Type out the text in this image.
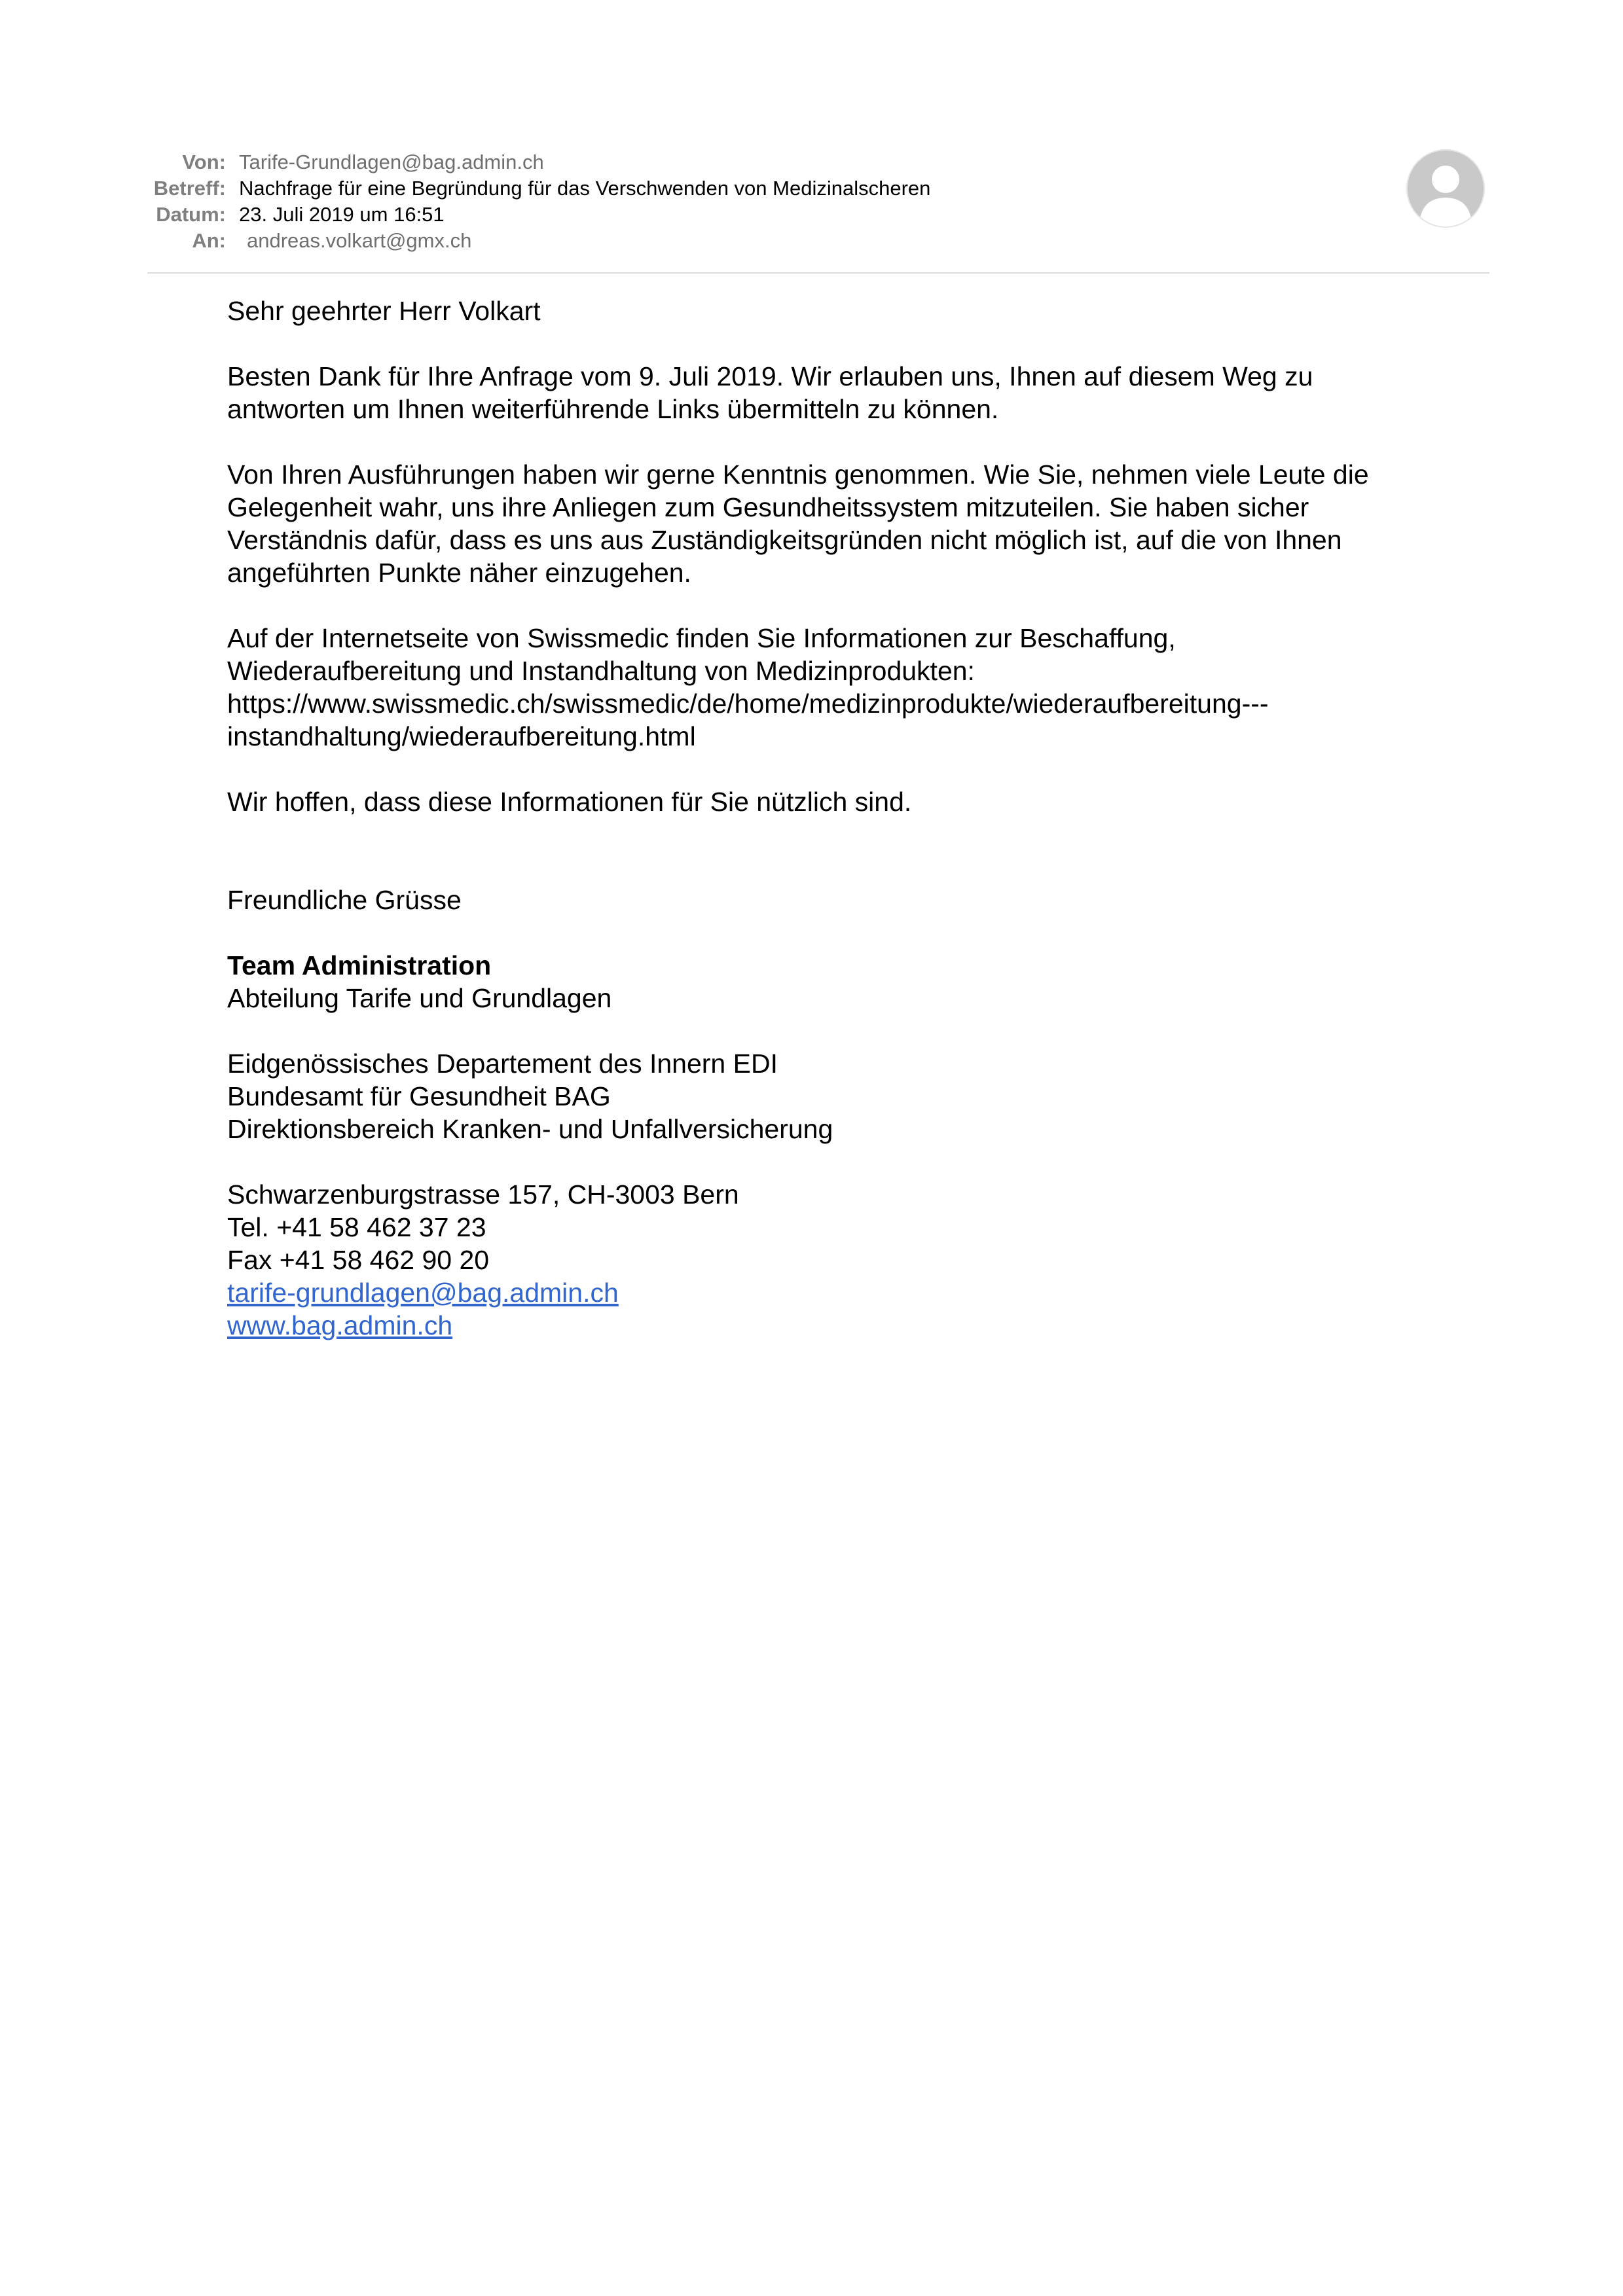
Von: Tarife-Grundlagen@bag.admin.ch
Betreff: Nachfrage für eine Begründung für das Verschwenden von Medizinalscheren
Datum: 23. Juli 2019 um 16:51
An: andreas.volkart@gmx.ch

Sehr geehrter Herr Volkart

Besten Dank für Ihre Anfrage vom 9. Juli 2019. Wir erlauben uns, Ihnen auf diesem Weg zu
antworten um Ihnen weiterführende Links übermitteln zu können.

Von Ihren Ausführungen haben wir gerne Kenntnis genommen. Wie Sie, nehmen viele Leute die
Gelegenheit wahr, uns ihre Anliegen zum Gesundheitssystem mitzuteilen. Sie haben sicher
Verständnis dafür, dass es uns aus Zuständigkeitsgründen nicht möglich ist, auf die von Ihnen
angeführten Punkte näher einzugehen.

Auf der Internetseite von Swissmedic finden Sie Informationen zur Beschaffung,
Wiederaufbereitung und Instandhaltung von Medizinprodukten:
https://www.swissmedic.ch/swissmedic/de/home/medizinprodukte/wiederaufbereitung---
instandhaltung/wiederaufbereitung.html

Wir hoffen, dass diese Informationen für Sie nützlich sind.

Freundliche Grüsse

Team Administration
Abteilung Tarife und Grundlagen

Eidgenössisches Departement des Innern EDI
Bundesamt für Gesundheit BAG
Direktionsbereich Kranken- und Unfallversicherung

Schwarzenburgstrasse 157, CH-3003 Bern
Tel. +41 58 462 37 23
Fax +41 58 462 90 20
tarife-grundlagen@bag.admin.ch
www.bag.admin.ch
